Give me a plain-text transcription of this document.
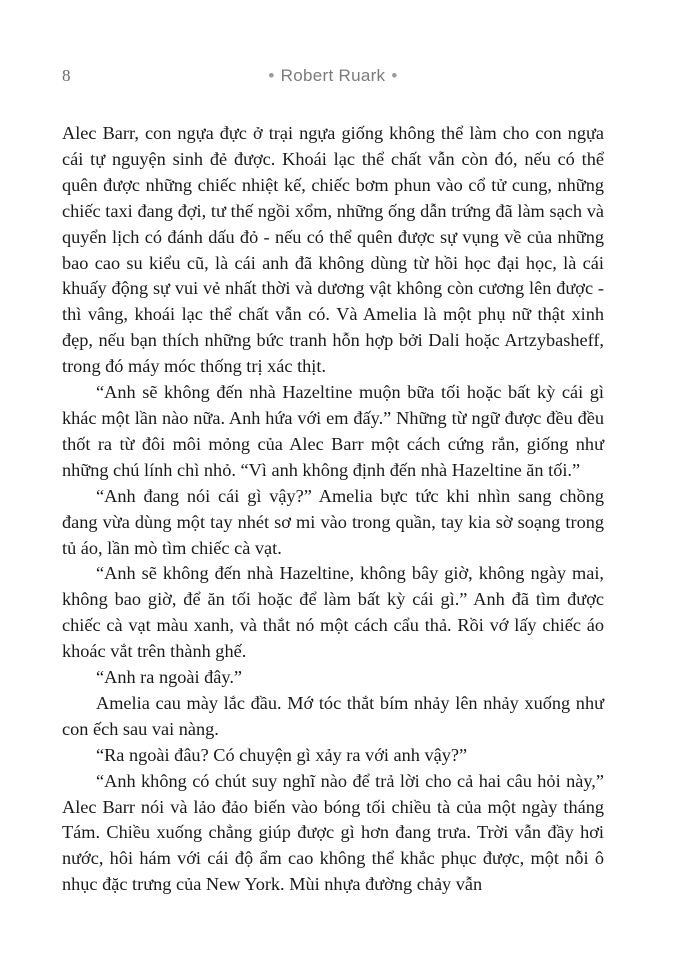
8	• Robert Ruark •

Alec Barr, con ngựa đực ở trại ngựa giống không thể làm cho con ngựa cái tự nguyện sinh đẻ được. Khoái lạc thể chất vẫn còn đó, nếu có thể quên được những chiếc nhiệt kế, chiếc bơm phun vào cổ tử cung, những chiếc taxi đang đợi, tư thế ngồi xổm, những ống dẫn trứng đã làm sạch và quyển lịch có đánh dấu đỏ - nếu có thể quên được sự vụng về của những bao cao su kiểu cũ, là cái anh đã không dùng từ hồi học đại học, là cái khuấy động sự vui vẻ nhất thời và dương vật không còn cương lên được - thì vâng, khoái lạc thể chất vẫn có. Và Amelia là một phụ nữ thật xinh đẹp, nếu bạn thích những bức tranh hỗn hợp bởi Dali hoặc Artzybasheff, trong đó máy móc thống trị xác thịt.

“Anh sẽ không đến nhà Hazeltine muộn bữa tối hoặc bất kỳ cái gì khác một lần nào nữa. Anh hứa với em đấy.” Những từ ngữ được đều đều thốt ra từ đôi môi mỏng của Alec Barr một cách cứng rắn, giống như những chú lính chì nhỏ. “Vì anh không định đến nhà Hazeltine ăn tối.”

“Anh đang nói cái gì vậy?” Amelia bực tức khi nhìn sang chồng đang vừa dùng một tay nhét sơ mi vào trong quần, tay kia sờ soạng trong tủ áo, lần mò tìm chiếc cà vạt.

“Anh sẽ không đến nhà Hazeltine, không bây giờ, không ngày mai, không bao giờ, để ăn tối hoặc để làm bất kỳ cái gì.” Anh đã tìm được chiếc cà vạt màu xanh, và thắt nó một cách cẩu thả. Rồi vớ lấy chiếc áo khoác vắt trên thành ghế.

“Anh ra ngoài đây.”

Amelia cau mày lắc đầu. Mớ tóc thắt bím nhảy lên nhảy xuống như con ếch sau vai nàng.

“Ra ngoài đâu? Có chuyện gì xảy ra với anh vậy?”

“Anh không có chút suy nghĩ nào để trả lời cho cả hai câu hỏi này,” Alec Barr nói và lảo đảo biến vào bóng tối chiều tà của một ngày tháng Tám. Chiều xuống chẳng giúp được gì hơn đang trưa. Trời vẫn đầy hơi nước, hôi hám với cái độ ẩm cao không thể khắc phục được, một nỗi ô nhục đặc trưng của New York. Mùi nhựa đường chảy vẫn
